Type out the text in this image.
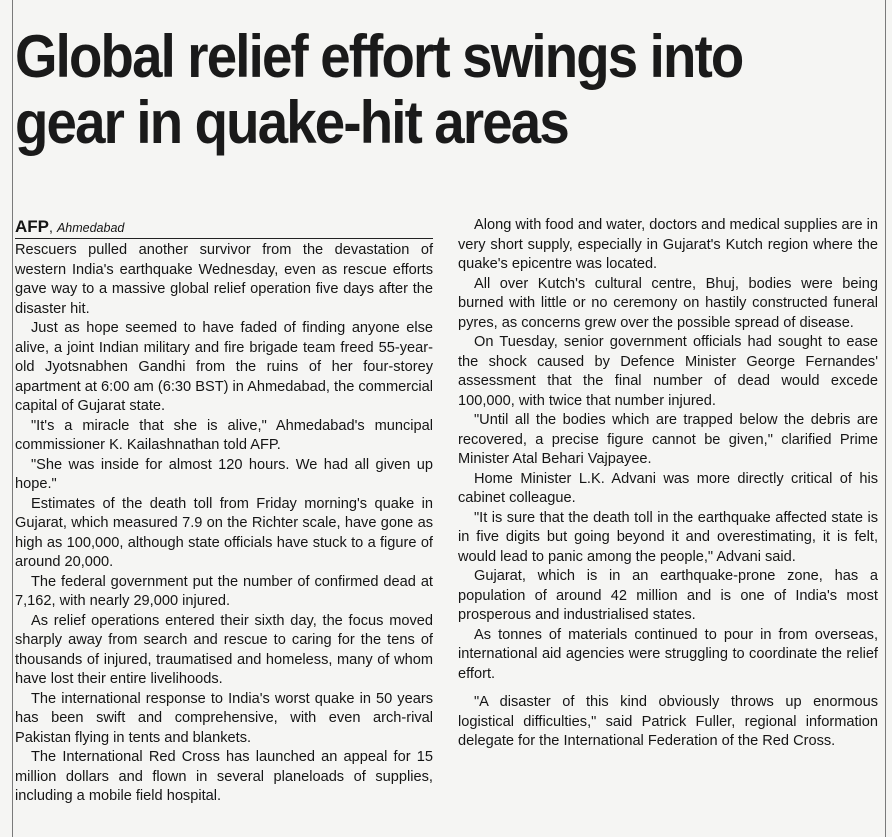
Global relief effort swings into
gear in quake-hit areas
AFP, Ahmedabad

Rescuers pulled another survivor from the devastation of western India's earthquake Wednesday, even as rescue efforts gave way to a massive global relief operation five days after the disaster hit.

Just as hope seemed to have faded of finding anyone else alive, a joint Indian military and fire brigade team freed 55-year-old Jyotsnabhen Gandhi from the ruins of her four-storey apartment at 6:00 am (6:30 BST) in Ahmedabad, the commercial capital of Gujarat state.

"It's a miracle that she is alive," Ahmedabad's muncipal commissioner K. Kailashnathan told AFP.

"She was inside for almost 120 hours. We had all given up hope."

Estimates of the death toll from Friday morning's quake in Gujarat, which measured 7.9 on the Richter scale, have gone as high as 100,000, although state officials have stuck to a figure of around 20,000.

The federal government put the number of confirmed dead at 7,162, with nearly 29,000 injured.

As relief operations entered their sixth day, the focus moved sharply away from search and rescue to caring for the tens of thousands of injured, traumatised and homeless, many of whom have lost their entire livelihoods.

The international response to India's worst quake in 50 years has been swift and comprehensive, with even arch-rival Pakistan flying in tents and blankets.

The International Red Cross has launched an appeal for 15 million dollars and flown in several planeloads of supplies, including a mobile field hospital.

Along with food and water, doctors and medical supplies are in very short supply, especially in Gujarat's Kutch region where the quake's epicentre was located.

All over Kutch's cultural centre, Bhuj, bodies were being burned with little or no ceremony on hastily constructed funeral pyres, as concerns grew over the possible spread of disease.

On Tuesday, senior government officials had sought to ease the shock caused by Defence Minister George Fernandes' assessment that the final number of dead would excede 100,000, with twice that number injured.

"Until all the bodies which are trapped below the debris are recovered, a precise figure cannot be given," clarified Prime Minister Atal Behari Vajpayee.

Home Minister L.K. Advani was more directly critical of his cabinet colleague.

"It is sure that the death toll in the earthquake affected state is in five digits but going beyond it and overestimating, it is felt, would lead to panic among the people," Advani said.

Gujarat, which is in an earthquake-prone zone, has a population of around 42 million and is one of India's most prosperous and industrialised states.

As tonnes of materials continued to pour in from overseas, international aid agencies were struggling to coordinate the relief effort.

"A disaster of this kind obviously throws up enormous logistical difficulties," said Patrick Fuller, regional information delegate for the International Federation of the Red Cross.
